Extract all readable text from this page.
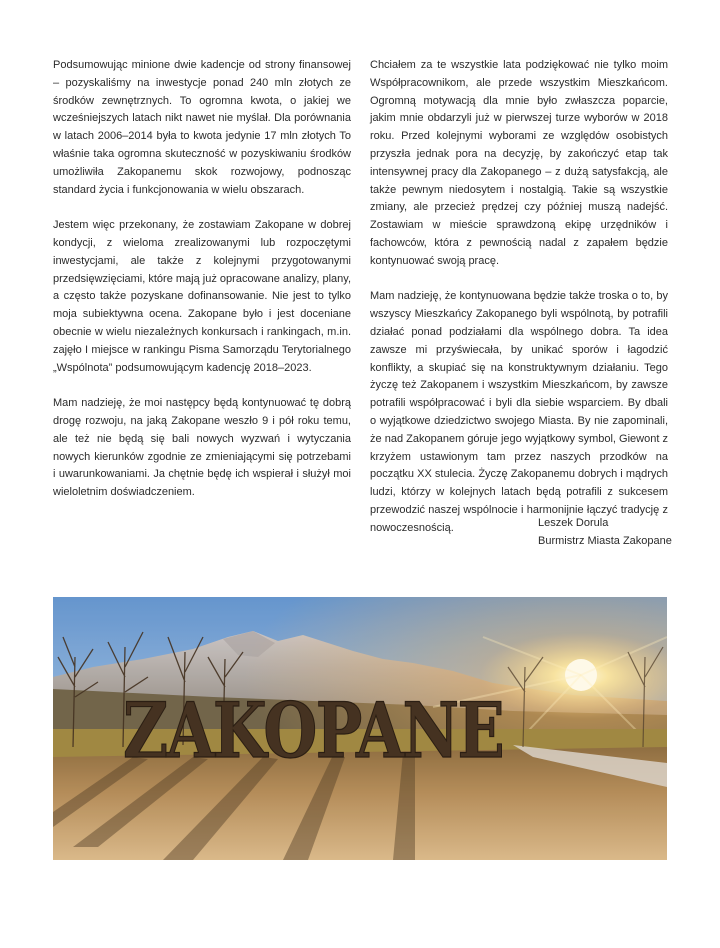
Podsumowując minione dwie kadencje od strony finansowej – pozyskaliśmy na inwestycje ponad 240 mln złotych ze środków zewnętrznych. To ogromna kwota, o jakiej we wcześniejszych latach nikt nawet nie myślał. Dla porównania w latach 2006–2014 była to kwota jedynie 17 mln złotych To właśnie taka ogromna skuteczność w pozyskiwaniu środków umożliwiła Zakopanemu skok rozwojowy, podnosząc standard życia i funkcjonowania w wielu obszarach.

Jestem więc przekonany, że zostawiam Zakopane w dobrej kondycji, z wieloma zrealizowanymi lub rozpoczętymi inwestycjami, ale także z kolejnymi przygotowanymi przedsięwzięciami, które mają już opracowane analizy, plany, a często także pozyskane dofinansowanie. Nie jest to tylko moja subiektywna ocena. Zakopane było i jest doceniane obecnie w wielu niezależnych konkursach i rankingach, m.in. zajęło I miejsce w rankingu Pisma Samorządu Terytorialnego „Wspólnota” podsumowującym kadencję 2018–2023.

Mam nadzieję, że moi następcy będą kontynuować tę dobrą drogę rozwoju, na jaką Zakopane weszło 9 i pół roku temu, ale też nie będą się bali nowych wyzwań i wytyczania nowych kierunków zgodnie ze zmieniającymi się potrzebami i uwarunkowaniami. Ja chętnie będę ich wspierał i służył moi wieloletnim doświadczeniem.

Chciałem za te wszystkie lata podziękować nie tylko moim Współpracownikom, ale przede wszystkim Mieszkańcom. Ogromną motywacją dla mnie było zwłaszcza poparcie, jakim mnie obdarzyli już w pierwszej turze wyborów w 2018 roku. Przed kolejnymi wyborami ze względów osobistych przyszła jednak pora na decyzję, by zakończyć etap tak intensywnej pracy dla Zakopanego – z dużą satysfakcją, ale także pewnym niedosytem i nostalgią. Takie są wszystkie zmiany, ale przecież prędzej czy później muszą nadejść. Zostawiam w mieście sprawdzoną ekipę urzędników i fachowców, która z pewnością nadal z zapałem będzie kontynuować swoją pracę.

Mam nadzieję, że kontynuowana będzie także troska o to, by wszyscy Mieszkańcy Zakopanego byli wspólnotą, by potrafili działać ponad podziałami dla wspólnego dobra. Ta idea zawsze mi przyświecała, by unikać sporów i łagodzić konflikty, a skupiać się na konstruktywnym działaniu. Tego życzę też Zakopanem i wszystkim Mieszkańcom, by zawsze potrafili współpracować i byli dla siebie wsparciem. By dbali o wyjątkowe dziedzictwo swojego Miasta. By nie zapominali, że nad Zakopanem góruje jego wyjątkowy symbol, Giewont z krzyżem ustawionym tam przez naszych przodków na początku XX stulecia. Życzę Zakopanemu dobrych i mądrych ludzi, którzy w kolejnych latach będą potrafili z sukcesem przewodzić naszej wspólnocie i harmonijnie łączyć tradycję z nowoczesnością.	Leszek Dorula
Burmistrz Miasta Zakopane
ZAKOPANE
